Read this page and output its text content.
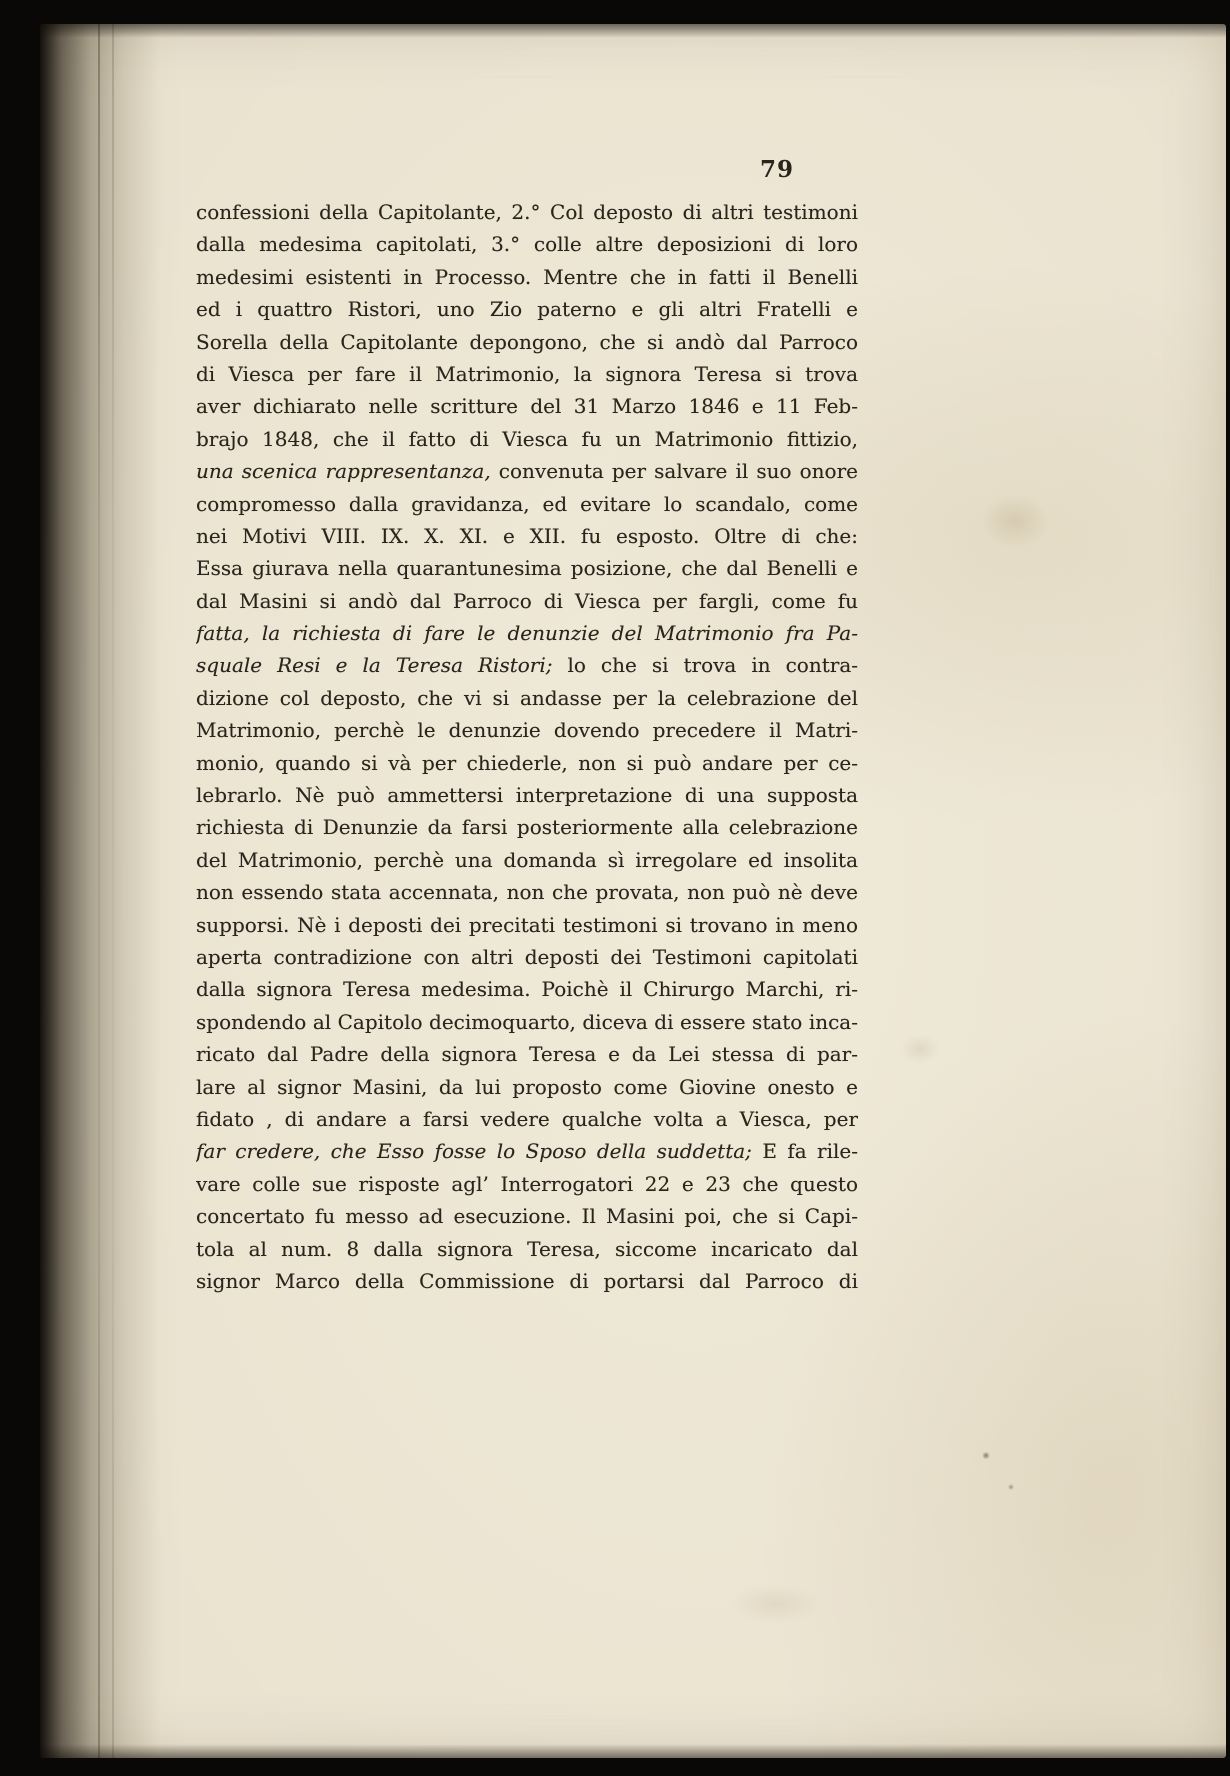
79
confessioni della Capitolante, 2.° Col deposto di altri testimoni
dalla medesima capitolati, 3.° colle altre deposizioni di loro
medesimi esistenti in Processo. Mentre che in fatti il Benelli
ed i quattro Ristori, uno Zio paterno e gli altri Fratelli e
Sorella della Capitolante depongono, che si andò dal Parroco
di Viesca per fare il Matrimonio, la signora Teresa si trova
aver dichiarato nelle scritture del 31 Marzo 1846 e 11 Feb-
brajo 1848, che il fatto di Viesca fu un Matrimonio fittizio,
una scenica rappresentanza, convenuta per salvare il suo onore
compromesso dalla gravidanza, ed evitare lo scandalo, come
nei Motivi VIII. IX. X. XI. e XII. fu esposto. Oltre di che:
Essa giurava nella quarantunesima posizione, che dal Benelli e
dal Masini si andò dal Parroco di Viesca per fargli, come fu
fatta, la richiesta di fare le denunzie del Matrimonio fra Pa-
squale Resi e la Teresa Ristori; lo che si trova in contra-
dizione col deposto, che vi si andasse per la celebrazione del
Matrimonio, perchè le denunzie dovendo precedere il Matri-
monio, quando si và per chiederle, non si può andare per ce-
lebrarlo. Nè può ammettersi interpretazione di una supposta
richiesta di Denunzie da farsi posteriormente alla celebrazione
del Matrimonio, perchè una domanda sì irregolare ed insolita
non essendo stata accennata, non che provata, non può nè deve
supporsi. Nè i deposti dei precitati testimoni si trovano in meno
aperta contradizione con altri deposti dei Testimoni capitolati
dalla signora Teresa medesima. Poichè il Chirurgo Marchi, ri-
spondendo al Capitolo decimoquarto, diceva di essere stato inca-
ricato dal Padre della signora Teresa e da Lei stessa di par-
lare al signor Masini, da lui proposto come Giovine onesto e
fidato , di andare a farsi vedere qualche volta a Viesca, per
far credere, che Esso fosse lo Sposo della suddetta; E fa rile-
vare colle sue risposte agl’ Interrogatori 22 e 23 che questo
concertato fu messo ad esecuzione. Il Masini poi, che si Capi-
tola al num. 8 dalla signora Teresa, siccome incaricato dal
signor Marco della Commissione di portarsi dal Parroco di
